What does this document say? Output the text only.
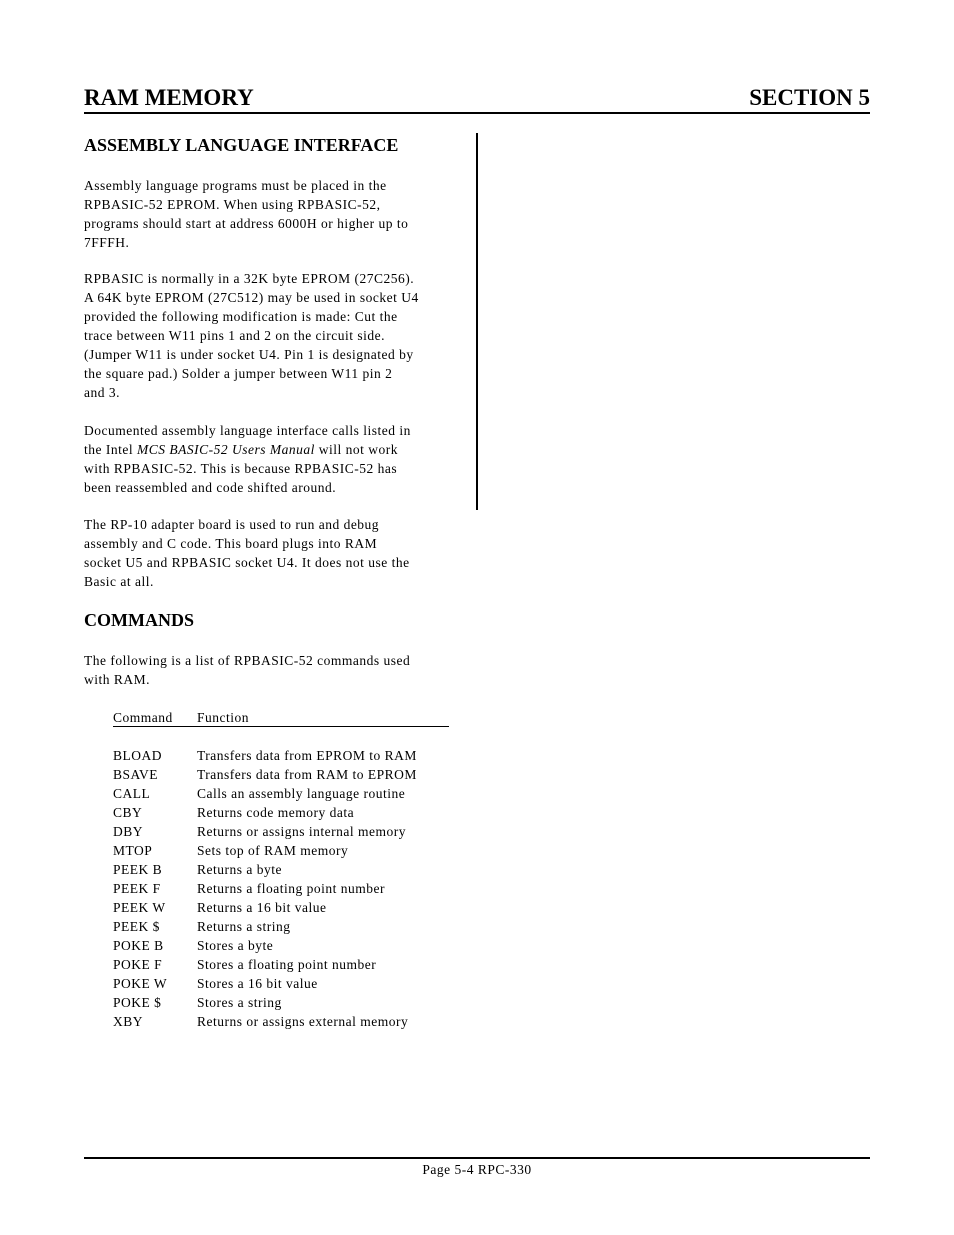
RAM MEMORY	SECTION 5
ASSEMBLY LANGUAGE INTERFACE
Assembly language programs must be placed in the
RPBASIC-52 EPROM. When using RPBASIC-52,
programs should start at address 6000H or higher up to
7FFFH.
RPBASIC is normally in a 32K byte EPROM (27C256).
A 64K byte EPROM (27C512) may be used in socket U4
provided the following modification is made: Cut the
trace between W11 pins 1 and 2 on the circuit side.
(Jumper W11 is under socket U4. Pin 1 is designated by
the square pad.) Solder a jumper between W11 pin 2
and 3.
Documented assembly language interface calls listed in
the Intel MCS BASIC-52 Users Manual will not work
with RPBASIC-52. This is because RPBASIC-52 has
been reassembled and code shifted around.
The RP-10 adapter board is used to run and debug
assembly and C code. This board plugs into RAM
socket U5 and RPBASIC socket U4. It does not use the
Basic at all.
COMMANDS
The following is a list of RPBASIC-52 commands used
with RAM.
Command Function
BLOAD	Transfers data from EPROM to RAM
BSAVE	Transfers data from RAM to EPROM
CALL	Calls an assembly language routine
CBY	Returns code memory data
DBY	Returns or assigns internal memory
MTOP	Sets top of RAM memory
PEEK B	Returns a byte
PEEK F	Returns a floating point number
PEEK W Returns a 16 bit value
PEEK $	Returns a string
POKE B Stores a byte
POKE F	Stores a floating point number
POKE W Stores a 16 bit value
POKE $	Stores a string
XBY	Returns or assigns external memory
Page 5-4 RPC-330
